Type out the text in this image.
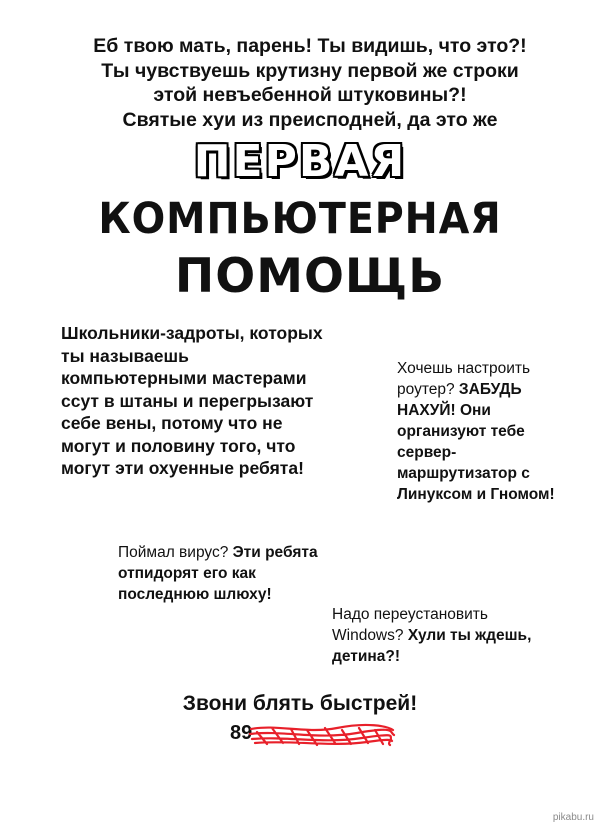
Еб твою мать, парень! Ты видишь, что это?!
Ты чувствуешь крутизну первой же строки
этой невъебенной штуковины?!
Святые хуи из преисподней, да это же
ПЕРВАЯ
КОМПЬЮТЕРНАЯ
ПОМОЩЬ
Школьники-задроты, которых ты называешь компьютерными мастерами ссут в штаны и перегрызают себе вены, потому что не могут и половину того, что могут эти охуенные ребята!
Хочешь настроить роутер? ЗАБУДЬ НАХУЙ! Они организуют тебе сервер-маршрутизатор с Линуксом и Гномом!
Поймал вирус? Эти ребята отпидорят его как последнюю шлюху!
Надо переустановить Windows? Хули ты ждешь, детина?!
Звони блять быстрей!
89
pikabu.ru
